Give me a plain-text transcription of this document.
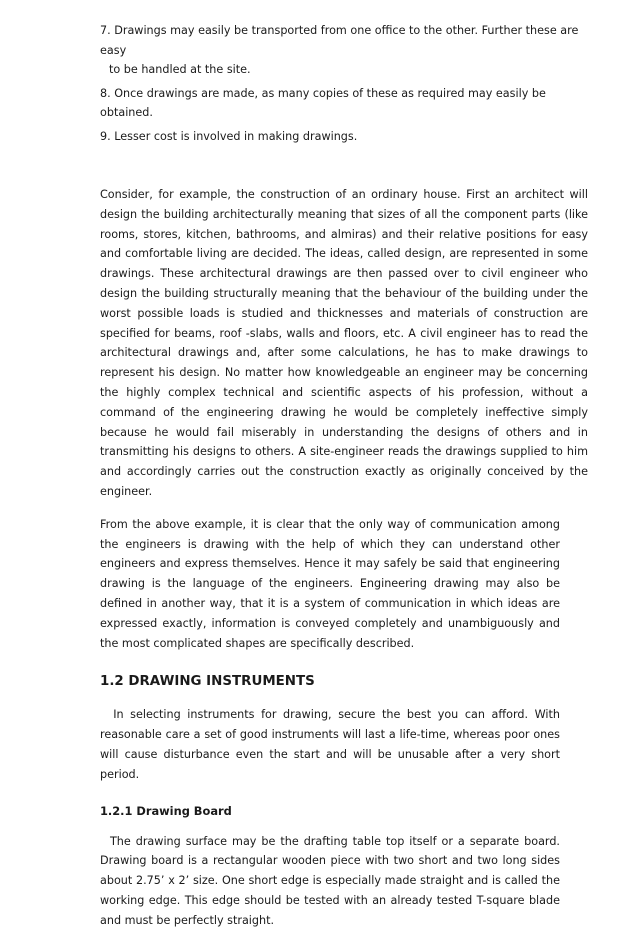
7. Drawings may easily be transported from one office to the other. Further these are easy
to be handled at the site.

8. Once drawings are made, as many copies of these as required may easily be obtained.

9. Lesser cost is involved in making drawings.

Consider, for example, the construction of an ordinary house. First an architect will design the building architecturally meaning that sizes of all the component parts (like rooms, stores, kitchen, bathrooms, and almiras) and their relative positions for easy and comfortable living are decided. The ideas, called design, are represented in some drawings. These architectural drawings are then passed over to civil engineer who design the building structurally meaning that the behaviour of the building under the worst possible loads is studied and thicknesses and materials of construction are specified for beams, roof -slabs, walls and floors, etc. A civil engineer has to read the architectural drawings and, after some calculations, he has to make drawings to represent his design. No matter how knowledgeable an engineer may be concerning the highly complex technical and scientific aspects of his profession, without a command of the engineering drawing he would be completely ineffective simply because he would fail miserably in understanding the designs of others and in transmitting his designs to others. A site-engineer reads the drawings supplied to him and accordingly carries out the construction exactly as originally conceived by the engineer.

From the above example, it is clear that the only way of communication among the engineers is drawing with the help of which they can understand other engineers and express themselves. Hence it may safely be said that engineering drawing is the language of the engineers. Engineering drawing may also be defined in another way, that it is a system of communication in which ideas are expressed exactly, information is conveyed completely and unambiguously and the most complicated shapes are specifically described.

1.2 DRAWING INSTRUMENTS

In selecting instruments for drawing, secure the best you can afford. With reasonable care a set of good instruments will last a life-time, whereas poor ones will cause disturbance even the start and will be unusable after a very short period.

1.2.1 Drawing Board

The drawing surface may be the drafting table top itself or a separate board. Drawing board is a rectangular wooden piece with two short and two long sides about 2.75’ x 2’ size. One short edge is especially made straight and is called the working edge. This edge should be tested with an already tested T-square blade and must be perfectly straight.
